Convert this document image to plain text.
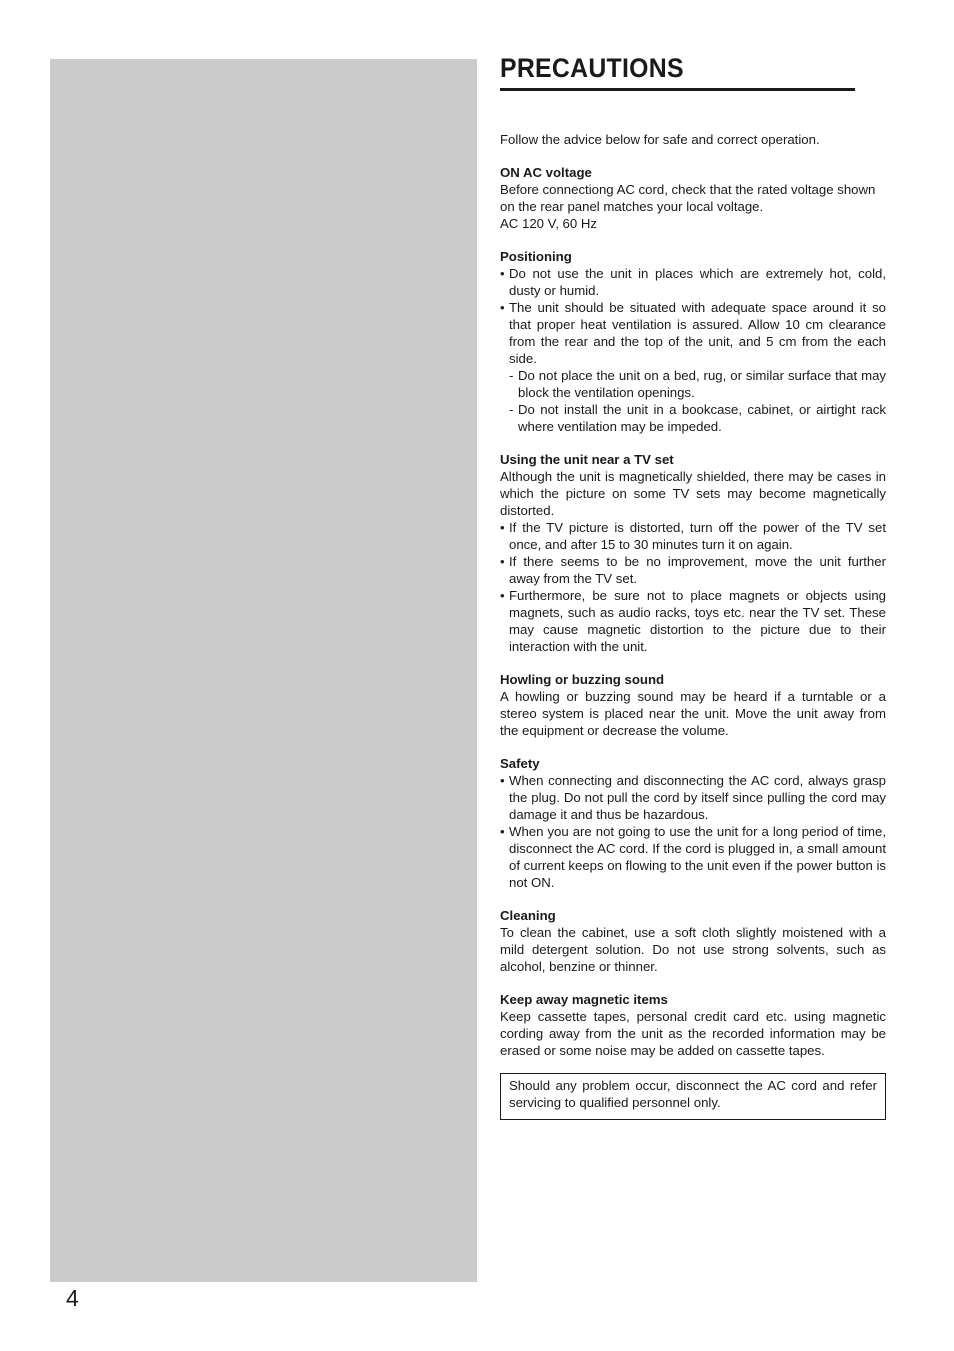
4
PRECAUTIONS

Follow the advice below for safe and correct operation.

ON AC voltage

Before connectiong AC cord, check that the rated voltage shown on the rear panel matches your local voltage.

AC 120 V, 60 Hz

Positioning
• Do not use the unit in places which are extremely hot, cold, dusty or humid.
• The unit should be situated with adequate space around it so that proper heat ventilation is assured. Allow 10 cm clearance from the rear and the top of the unit, and 5 cm from the each side.
- Do not place the unit on a bed, rug, or similar surface that may block the ventilation openings.
- Do not install the unit in a bookcase, cabinet, or airtight rack where ventilation may be impeded.
Using the unit near a TV set

Although the unit is magnetically shielded, there may be cases in which the picture on some TV sets may become magnetically distorted.

• If the TV picture is distorted, turn off the power of the TV set once, and after 15 to 30 minutes turn it on again.
• If there seems to be no improvement, move the unit further away from the TV set.
• Furthermore, be sure not to place magnets or objects using magnets, such as audio racks, toys etc. near the TV set. These may cause magnetic distortion to the picture due to their interaction with the unit.
Howling or buzzing sound

A howling or buzzing sound may be heard if a turntable or a stereo system is placed near the unit. Move the unit away from the equipment or decrease the volume.

Safety
• When connecting and disconnecting the AC cord, always grasp the plug. Do not pull the cord by itself since pulling the cord may damage it and thus be hazardous.
• When you are not going to use the unit for a long period of time, disconnect the AC cord. If the cord is plugged in, a small amount of current keeps on flowing to the unit even if the power button is not ON.
Cleaning

To clean the cabinet, use a soft cloth slightly moistened with a mild detergent solution. Do not use strong solvents, such as alcohol, benzine or thinner.

Keep away magnetic items

Keep cassette tapes, personal credit card etc. using magnetic cording away from the unit as the recorded information may be erased or some noise may be added on cassette tapes.

Should any problem occur, disconnect the AC cord and refer servicing to qualified personnel only.
